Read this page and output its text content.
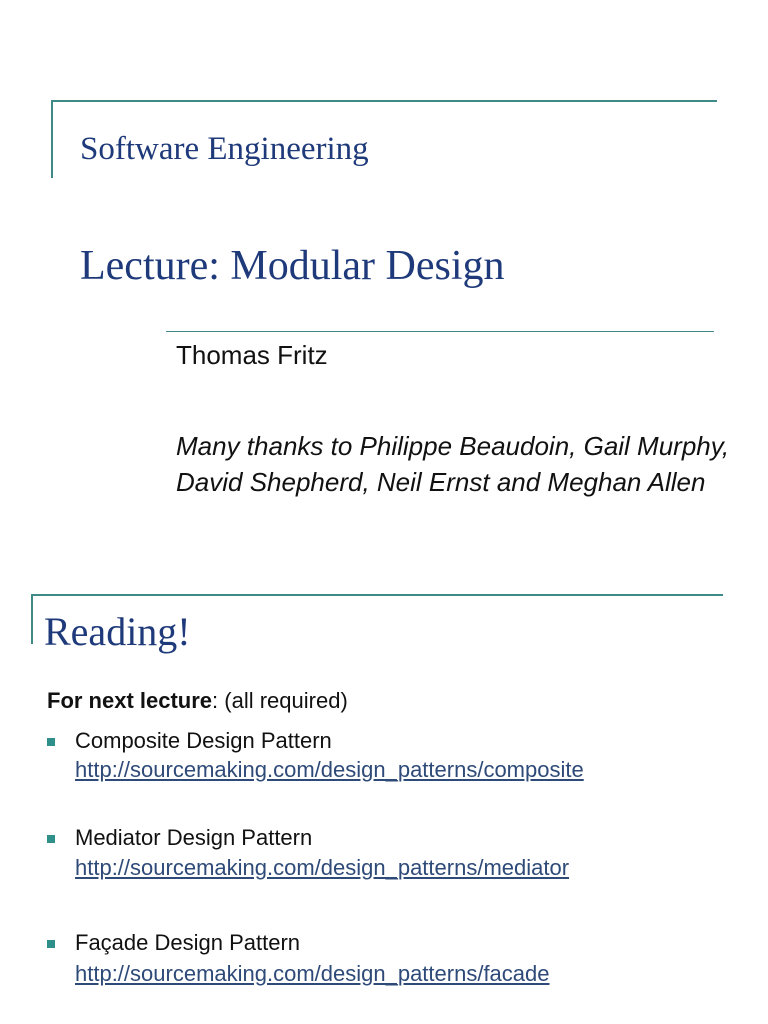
Software Engineering
Lecture: Modular Design
Thomas Fritz
Many thanks to Philippe Beaudoin, Gail Murphy, David Shepherd, Neil Ernst and Meghan Allen
Reading!
For next lecture: (all required)
Composite Design Pattern
http://sourcemaking.com/design_patterns/composite
Mediator Design Pattern
http://sourcemaking.com/design_patterns/mediator
Façade Design Pattern
http://sourcemaking.com/design_patterns/facade
